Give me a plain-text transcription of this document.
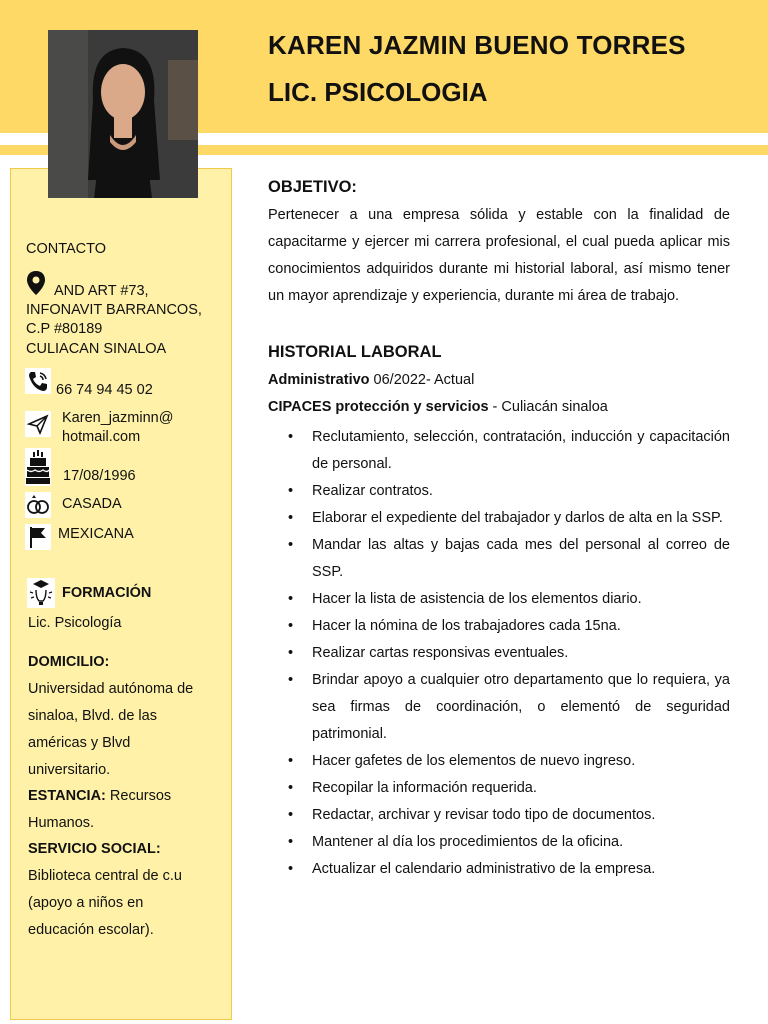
KAREN JAZMIN BUENO TORRES
LIC. PSICOLOGIA
CONTACTO
AND ART #73,
INFONAVIT BARRANCOS,
C.P #80189
CULIACAN SINALOA
66 74 94 45 02
Karen_jazminn@
hotmail.com
17/08/1996
CASADA
MEXICANA
FORMACIÓN
Lic. Psicología
DOMICILIO:
Universidad autónoma de
sinaloa, Blvd. de las
américas y Blvd
universitario.
ESTANCIA: Recursos
Humanos.
SERVICIO SOCIAL:
Biblioteca central de c.u
(apoyo a niños en
educación escolar).
OBJETIVO:
Pertenecer a una empresa sólida y estable con la finalidad de capacitarme y ejercer mi carrera profesional, el cual pueda aplicar mis conocimientos adquiridos durante mi historial laboral, así mismo tener un mayor aprendizaje y experiencia, durante mi área de trabajo.
HISTORIAL LABORAL
Administrativo 06/2022- Actual
CIPACES protección y servicios - Culiacán sinaloa
• Reclutamiento, selección, contratación, inducción y capacitación de personal.
• Realizar contratos.
• Elaborar el expediente del trabajador y darlos de alta en la SSP.
• Mandar las altas y bajas cada mes del personal al correo de SSP.
• Hacer la lista de asistencia de los elementos diario.
• Hacer la nómina de los trabajadores cada 15na.
• Realizar cartas responsivas eventuales.
• Brindar apoyo a cualquier otro departamento que lo requiera, ya sea firmas de coordinación, o elementó de seguridad patrimonial.
• Hacer gafetes de los elementos de nuevo ingreso.
• Recopilar la información requerida.
• Redactar, archivar y revisar todo tipo de documentos.
• Mantener al día los procedimientos de la oficina.
• Actualizar el calendario administrativo de la empresa.
